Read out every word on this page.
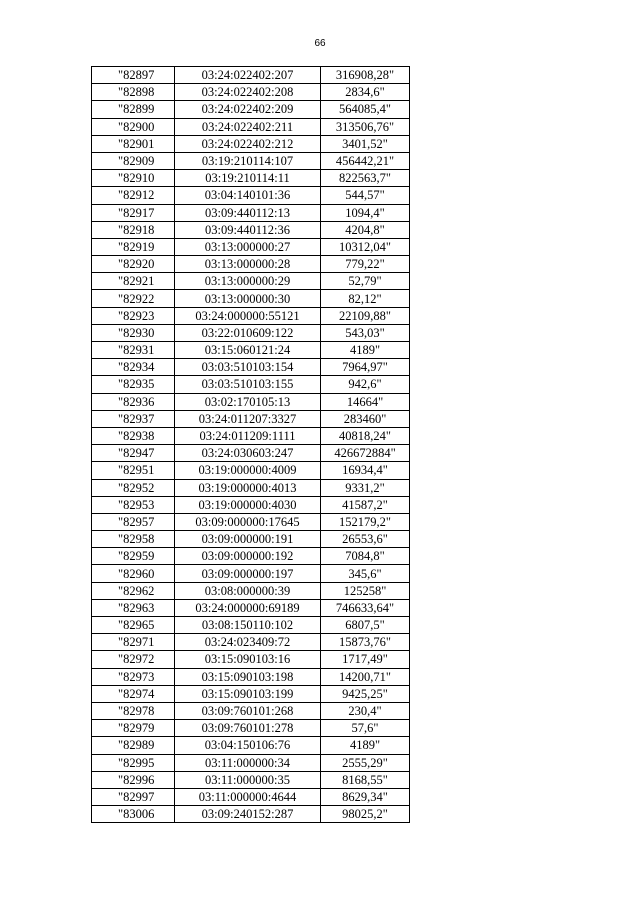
66
"82897	03:24:022402:207	316908,28"
"82898	03:24:022402:208	2834,6"
"82899	03:24:022402:209	564085,4"
"82900	03:24:022402:211	313506,76"
"82901	03:24:022402:212	3401,52"
"82909	03:19:210114:107	456442,21"
"82910	03:19:210114:11	822563,7"
"82912	03:04:140101:36	544,57"
"82917	03:09:440112:13	1094,4"
"82918	03:09:440112:36	4204,8"
"82919	03:13:000000:27	10312,04"
"82920	03:13:000000:28	779,22"
"82921	03:13:000000:29	52,79"
"82922	03:13:000000:30	82,12"
"82923	03:24:000000:55121	22109,88"
"82930	03:22:010609:122	543,03"
"82931	03:15:060121:24	4189"
"82934	03:03:510103:154	7964,97"
"82935	03:03:510103:155	942,6"
"82936	03:02:170105:13	14664"
"82937	03:24:011207:3327	283460"
"82938	03:24:011209:1111	40818,24"
"82947	03:24:030603:247	426672884"
"82951	03:19:000000:4009	16934,4"
"82952	03:19:000000:4013	9331,2"
"82953	03:19:000000:4030	41587,2"
"82957	03:09:000000:17645	152179,2"
"82958	03:09:000000:191	26553,6"
"82959	03:09:000000:192	7084,8"
"82960	03:09:000000:197	345,6"
"82962	03:08:000000:39	125258"
"82963	03:24:000000:69189	746633,64"
"82965	03:08:150110:102	6807,5"
"82971	03:24:023409:72	15873,76"
"82972	03:15:090103:16	1717,49"
"82973	03:15:090103:198	14200,71"
"82974	03:15:090103:199	9425,25"
"82978	03:09:760101:268	230,4"
"82979	03:09:760101:278	57,6"
"82989	03:04:150106:76	4189"
"82995	03:11:000000:34	2555,29"
"82996	03:11:000000:35	8168,55"
"82997	03:11:000000:4644	8629,34"
"83006	03:09:240152:287	98025,2"
